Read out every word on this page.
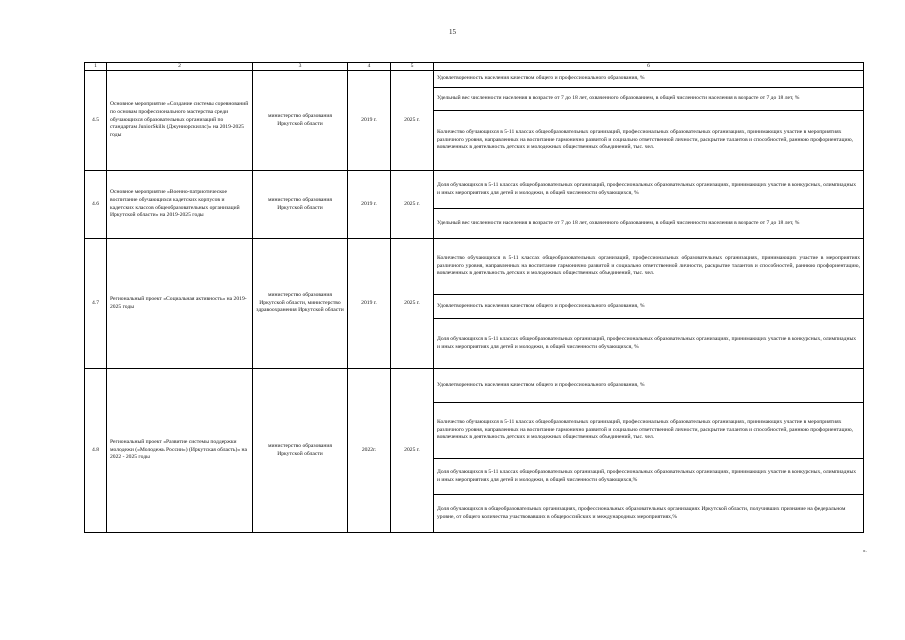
15
1	2	3	4	5	6
4.5	Основное мероприятие «Создание системы соревнований по основам профессионального мастерства среди обучающихся образовательных организаций по стандартам JuniorSkills (Джуниорскиллс)» на 2019-2025 годы	министерство образования Иркутской области	2019 г.	2025 г.	Удовлетворенность населения качеством общего и профессионального образования, %
					Удельный вес численности населения в возрасте от 7 до 18 лет, охваченного образованием, в общей численности населения в возрасте от 7 до 18 лет, %
					Количество обучающихся в 5-11 классах общеобразовательных организаций, профессиональных образовательных организациях, принимающих участие в мероприятиях различного уровня, направленных на воспитание гармонично развитой и социально ответственной личности, раскрытие талантов и способностей, раннюю профориентацию, вовлеченных в деятельность детских и молодежных общественных объединений, тыс. чел.
4.6	Основное мероприятие «Военно-патриотическое воспитание обучающихся кадетских корпусов и кадетских классов общеобразовательных организаций Иркутской области» на 2019-2025 годы	министерство образования Иркутской области	2019 г.	2025 г.	Доля обучающихся в 5-11 классах общеобразовательных организаций, профессиональных образовательных организациях, принимающих участие в конкурсных, олимпиадных и иных мероприятиях для детей и молодежи, в общей численности обучающихся, %
					Удельный вес численности населения в возрасте от 7 до 18 лет, охваченного образованием, в общей численности населения в возрасте от 7 до 18 лет, %
4.7	Региональный проект «Социальная активность» на 2019-2025 годы	министерство образования Иркутской области, министерство здравоохранения Иркутской области	2019 г.	2025 г.	Количество обучающихся в 5-11 классах общеобразовательных организаций, профессиональных образовательных организациях, принимающих участие в мероприятиях различного уровня, направленных на воспитание гармонично развитой и социально ответственной личности, раскрытие талантов и способностей, раннюю профориентацию, вовлеченных в деятельность детских и молодежных общественных объединений, тыс. чел.
					Удовлетворенность населения качеством общего и профессионального образования, %
					Доля обучающихся в 5-11 классах общеобразовательных организаций, профессиональных образовательных организациях, принимающих участие в конкурсных, олимпиадных и иных мероприятиях для детей и молодежи, в общей численности обучающихся, %
4.8	Региональный проект «Развитие системы поддержки молодежи («Молодежь России») (Иркутская область)» на 2022 - 2025 годы	министерство образования Иркутской области	2022г.	2025 г.	Удовлетворенность населения качеством общего и профессионального образования, %
					Количество обучающихся в 5-11 классах общеобразовательных организаций, профессиональных образовательных организациях, принимающих участие в мероприятиях различного уровня, направленных на воспитание гармонично развитой и социально ответственной личности, раскрытие талантов и способностей, раннюю профориентацию, вовлеченных в деятельность детских и молодежных общественных объединений, тыс. чел.
					Доля обучающихся в 5-11 классах общеобразовательных организаций, профессиональных образовательных организациях, принимающих участие в конкурсных, олимпиадных и иных мероприятиях для детей и молодежи, в общей численности обучающихся,%
					Доля обучающихся в общеобразовательных организациях, профессиональных образовательных организациях Иркутской области, получивших признание на федеральном уровне, от общего количества участвовавших в общероссийских и международных мероприятиях,%
».
